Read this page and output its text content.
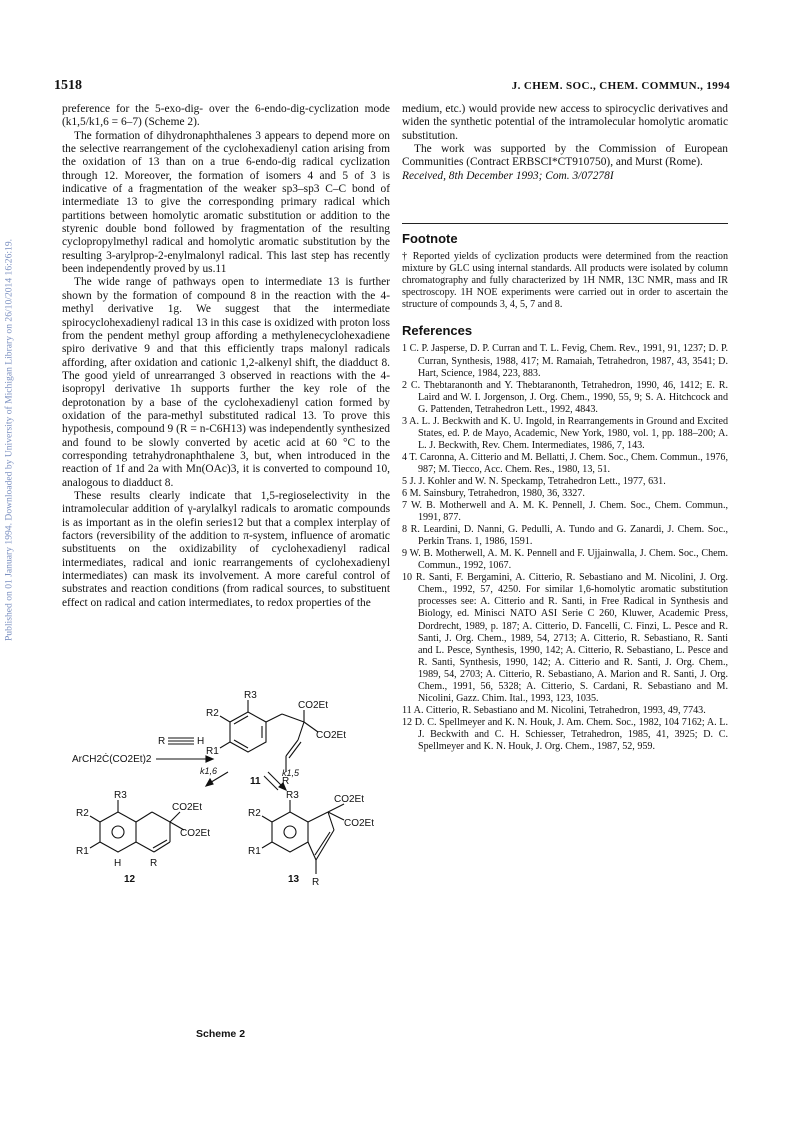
Published on 01 January 1994. Downloaded by University of Michigan Library on 26/10/2014 16:26:19.
1518	J. CHEM. SOC., CHEM. COMMUN., 1994

preference for the 5-exo-dig- over the 6-endo-dig-cyclization mode (k1,5/k1,6 = 6–7) (Scheme 2).

The formation of dihydronaphthalenes 3 appears to depend more on the selective rearrangement of the cyclohexadienyl cation arising from the oxidation of 13 than on a true 6-endo-dig radical cyclization through 12. Moreover, the formation of isomers 4 and 5 of 3 is indicative of a fragmentation of the weaker sp3–sp3 C–C bond of intermediate 13 to give the corresponding primary radical which partitions between homolytic aromatic substitution or addition to the styrenic double bond followed by fragmentation of the resulting cyclopropylmethyl radical and homolytic aromatic substitution by the resulting 3-arylprop-2-enylmalonyl radical. This last step has recently been independently proved by us.11

The wide range of pathways open to intermediate 13 is further shown by the formation of compound 8 in the reaction with the 4-methyl derivative 1g. We suggest that the intermediate spirocyclohexadienyl radical 13 in this case is oxidized with proton loss from the pendent methyl group affording a methylenecyclohexadiene spiro derivative 9 and that this efficiently traps malonyl radicals affording, after oxidation and cationic 1,2-alkenyl shift, the diadduct 8. The good yield of unrearranged 3 observed in reactions with the 4-isopropyl derivative 1h supports further the key role of the deprotonation by a base of the cyclohexadienyl cation formed by oxidation of the para-methyl substituted radical 13. To prove this hypothesis, compound 9 (R = n-C6H13) was independently synthesized and found to be slowly converted by acetic acid at 60 °C to the corresponding tetrahydronaphthalene 3, but, when introduced in the reaction of 1f and 2a with Mn(OAc)3, it is converted to compound 10, analogous to diadduct 8.

These results clearly indicate that 1,5-regioselectivity in the intramolecular addition of γ-arylalkyl radicals to aromatic compounds is as important as in the olefin series12 but that a complex interplay of factors (reversibility of the addition to π-system, influence of aromatic substituents on the oxidizability of cyclohexadienyl radical intermediates, radical and ionic rearrangements of cyclohexadienyl intermediates) can mask its involvement. A more careful control of substrates and reaction conditions (from radical sources, to substituent effect on radical and cation intermediates, to redox properties of the

medium, etc.) would provide new access to spirocyclic derivatives and widen the synthetic potential of the intramolecular homolytic aromatic substitution.

The work was supported by the Commission of European Communities (Contract ERBSCI*CT910750), and Murst (Rome).

Received, 8th December 1993; Com. 3/07278I

Footnote

† Reported yields of cyclization products were determined from the reaction mixture by GLC using internal standards. All products were isolated by column chromatography and fully characterized by 1H NMR, 13C NMR, mass and IR spectroscopy. 1H NOE experiments were carried out in order to ascertain the structure of compounds 3, 4, 5, 7 and 8.

References

1 C. P. Jasperse, D. P. Curran and T. L. Fevig, Chem. Rev., 1991, 91, 1237; D. P. Curran, Synthesis, 1988, 417; M. Ramaiah, Tetrahedron, 1987, 43, 3541; D. Hart, Science, 1984, 223, 883.

2 C. Thebtaranonth and Y. Thebtaranonth, Tetrahedron, 1990, 46, 1412; E. R. Laird and W. I. Jorgenson, J. Org. Chem., 1990, 55, 9; S. A. Hitchcock and G. Pattenden, Tetrahedron Lett., 1992, 4843.

3 A. L. J. Beckwith and K. U. Ingold, in Rearrangements in Ground and Excited States, ed. P. de Mayo, Academic, New York, 1980, vol. 1, pp. 188–200; A. L. J. Beckwith, Rev. Chem. Intermediates, 1986, 7, 143.

4 T. Caronna, A. Citterio and M. Bellatti, J. Chem. Soc., Chem. Commun., 1976, 987; M. Tiecco, Acc. Chem. Res., 1980, 13, 51.

5 J. J. Kohler and W. N. Speckamp, Tetrahedron Lett., 1977, 631.

6 M. Sainsbury, Tetrahedron, 1980, 36, 3327.

7 W. B. Motherwell and A. M. K. Pennell, J. Chem. Soc., Chem. Commun., 1991, 877.

8 R. Leardini, D. Nanni, G. Pedulli, A. Tundo and G. Zanardi, J. Chem. Soc., Perkin Trans. 1, 1986, 1591.

9 W. B. Motherwell, A. M. K. Pennell and F. Ujjainwalla, J. Chem. Soc., Chem. Commun., 1992, 1067.

10 R. Santi, F. Bergamini, A. Citterio, R. Sebastiano and M. Nicolini, J. Org. Chem., 1992, 57, 4250. For similar 1,6-homolytic aromatic substitution processes see: A. Citterio and R. Santi, in Free Radical in Synthesis and Biology, ed. Minisci NATO ASI Serie C 260, Kluwer, Academic Press, Dordrecht, 1989, p. 187; A. Citterio, D. Fancelli, C. Finzi, L. Pesce and R. Santi, J. Org. Chem., 1989, 54, 2713; A. Citterio, R. Sebastiano, R. Santi and L. Pesce, Synthesis, 1990, 142; A. Citterio, R. Sebastiano, L. Pesce and R. Santi, Synthesis, 1990, 142; A. Citterio and R. Santi, J. Org. Chem., 1989, 54, 2703; A. Citterio, R. Sebastiano, A. Marion and R. Santi, J. Org. Chem., 1991, 56, 5328; A. Citterio, S. Cardani, R. Sebastiano and M. Nicolini, Gazz. Chim. Ital., 1993, 123, 1035.

11 A. Citterio, R. Sebastiano and M. Nicolini, Tetrahedron, 1993, 49, 7743.

12 D. C. Spellmeyer and K. N. Houk, J. Am. Chem. Soc., 1982, 104 7162; A. L. J. Beckwith and C. H. Schiesser, Tetrahedron, 1985, 41, 3925; D. C. Spellmeyer and K. N. Houk, J. Org. Chem., 1987, 52, 959.

ArCH2Ċ(CO2Et)2
R	H
R3
R2
R1
CO2Et
CO2Et
R
11
k1,6	k1,5
R3
R2
R1
CO2Et
CO2Et
H	R
12
R3
R2
R1
CO2Et
CO2Et
R
13
Scheme 2
